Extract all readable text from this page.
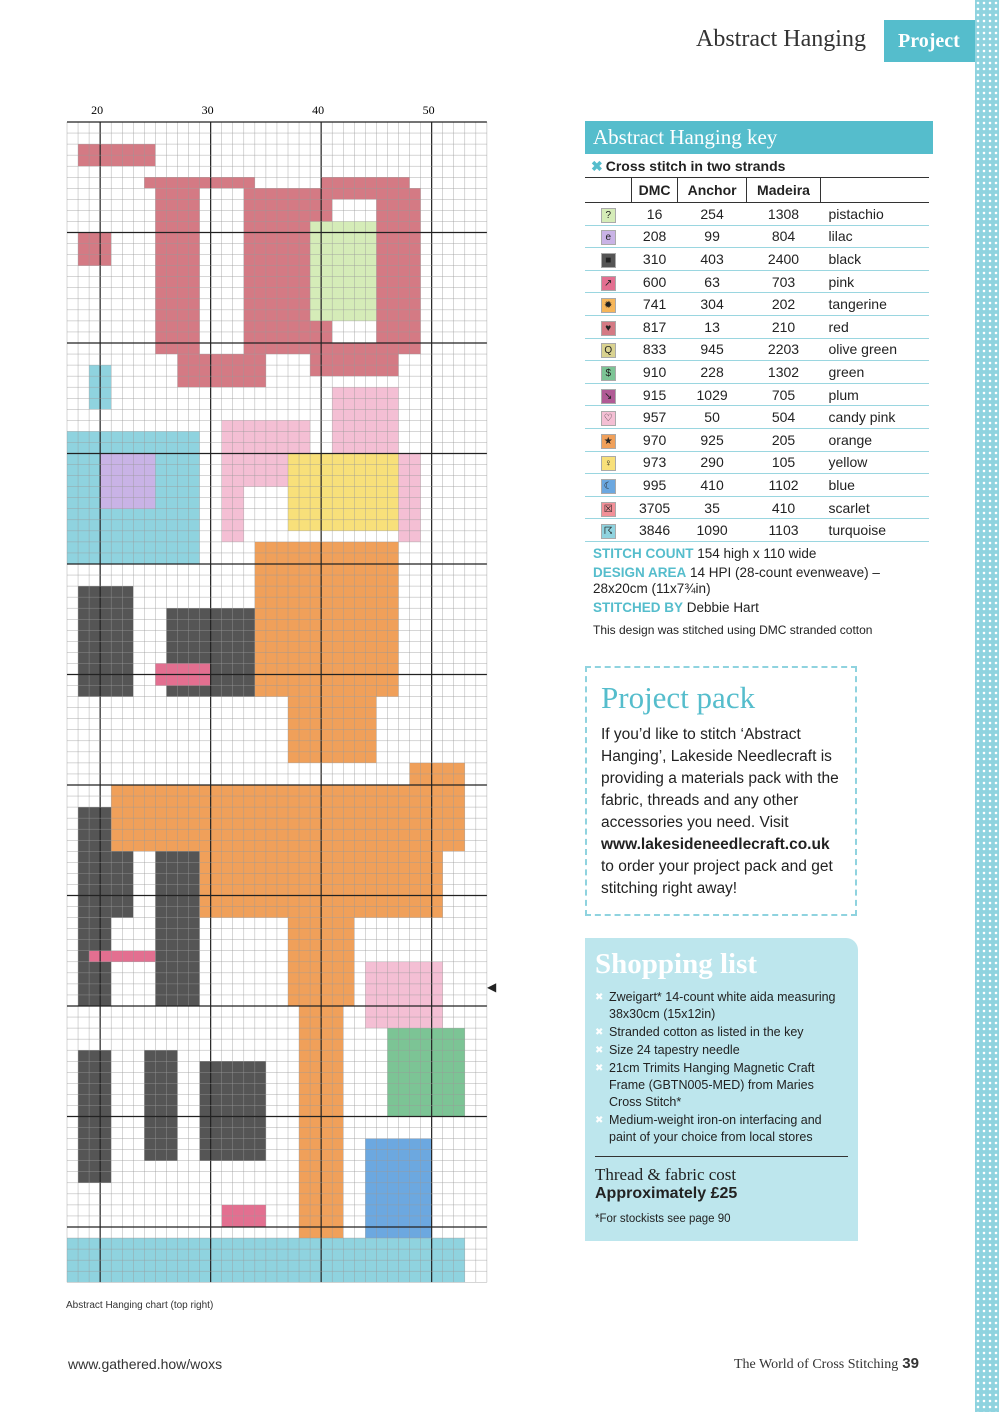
Abstract Hanging	Project
20	30	40	50
◀
Abstract Hanging chart (top right)
Abstract Hanging key
✖ Cross stitch in two strands
	DMC	Anchor	Madeira	
?	16	254	1308	pistachio
e	208	99	804	lilac
■	310	403	2400	black
↗	600	63	703	pink
✹	741	304	202	tangerine
♥	817	13	210	red
Q	833	945	2203	olive green
$	910	228	1302	green
↘	915	1029	705	plum
♡	957	50	504	candy pink
★	970	925	205	orange
♀	973	290	105	yellow
☾	995	410	1102	blue
☒	3705	35	410	scarlet
☈	3846	1090	1103	turquoise

STITCH COUNT 154 high x 110 wide

DESIGN AREA 14 HPI (28-count evenweave) – 28x20cm (11x7¾in)

STITCHED BY Debbie Hart

This design was stitched using DMC stranded cotton

Project pack
If you’d like to stitch ‘Abstract Hanging’, Lakeside Needlecraft is providing a materials pack with the fabric, threads and any other accessories you need. Visit www.lakesideneedlecraft.co.uk to order your project pack and get stitching right away!
Shopping list
✖ Zweigart* 14-count white aida measuring 38x30cm (15x12in)
✖ Stranded cotton as listed in the key
✖ Size 24 tapestry needle
✖ 21cm Trimits Hanging Magnetic Craft Frame (GBTN005-MED) from Maries Cross Stitch*
✖ Medium-weight iron-on interfacing and paint of your choice from local stores
Thread & fabric cost
Approximately £25
*For stockists see page 90
www.gathered.how/woxs	The World of Cross Stitching 39
